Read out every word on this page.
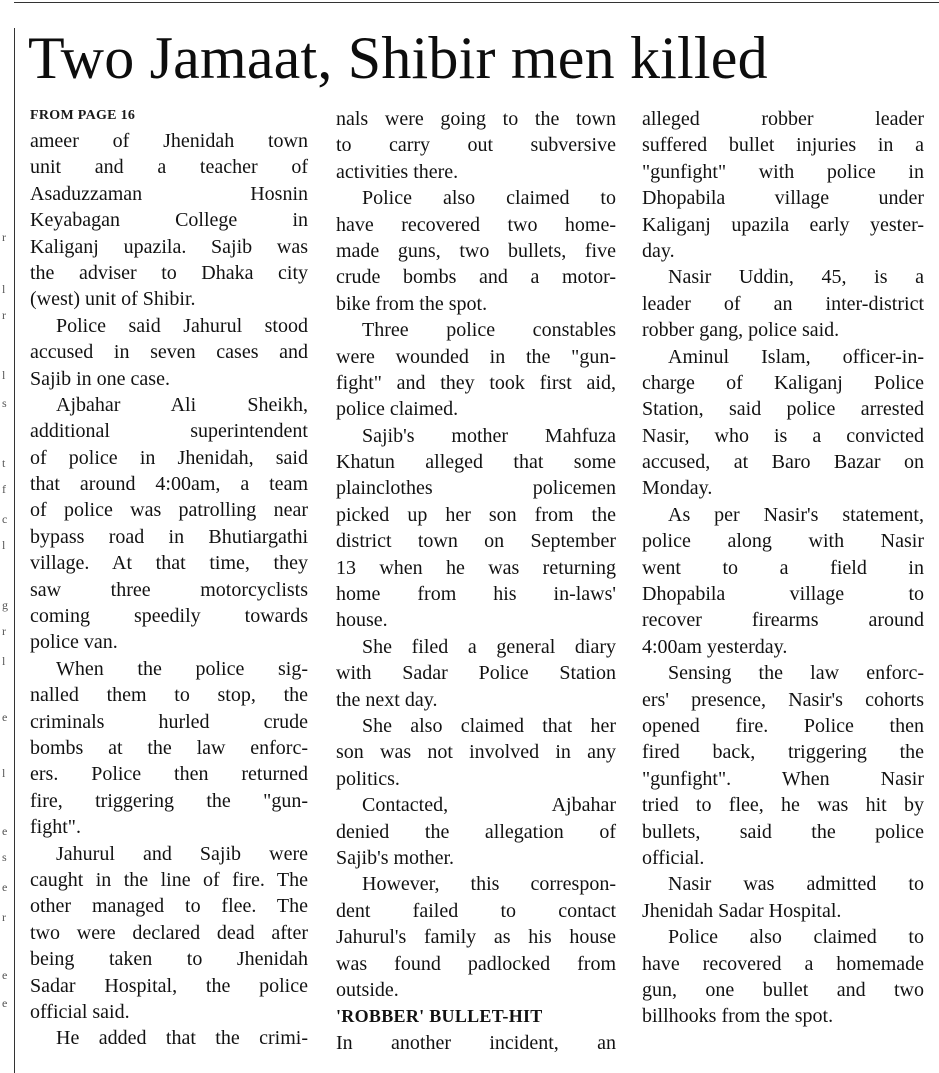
r
l
r
l
s
t
f
c
l
g
r
l
e
l
e
s
e
r
e
e
Two Jamaat, Shibir men killed
FROM PAGE 16
ameer of Jhenidah town
unit and a teacher of
Asaduzzaman Hosnin
Keyabagan College in
Kaliganj upazila. Sajib was
the adviser to Dhaka city
(west) unit of Shibir.
Police said Jahurul stood
accused in seven cases and
Sajib in one case.
Ajbahar Ali Sheikh,
additional superintendent
of police in Jhenidah, said
that around 4:00am, a team
of police was patrolling near
bypass road in Bhutiargathi
village. At that time, they
saw three motorcyclists
coming speedily towards
police van.
When the police sig-
nalled them to stop, the
criminals hurled crude
bombs at the law enforc-
ers. Police then returned
fire, triggering the "gun-
fight".
Jahurul and Sajib were
caught in the line of fire. The
other managed to flee. The
two were declared dead after
being taken to Jhenidah
Sadar Hospital, the police
official said.
He added that the crimi-
nals were going to the town
to carry out subversive
activities there.
Police also claimed to
have recovered two home-
made guns, two bullets, five
crude bombs and a motor-
bike from the spot.
Three police constables
were wounded in the "gun-
fight" and they took first aid,
police claimed.
Sajib's mother Mahfuza
Khatun alleged that some
plainclothes policemen
picked up her son from the
district town on September
13 when he was returning
home from his in-laws'
house.
She filed a general diary
with Sadar Police Station
the next day.
She also claimed that her
son was not involved in any
politics.
Contacted, Ajbahar
denied the allegation of
Sajib's mother.
However, this correspon-
dent failed to contact
Jahurul's family as his house
was found padlocked from
outside.
'ROBBER' BULLET-HIT
In another incident, an
alleged robber leader
suffered bullet injuries in a
"gunfight" with police in
Dhopabila village under
Kaliganj upazila early yester-
day.
Nasir Uddin, 45, is a
leader of an inter-district
robber gang, police said.
Aminul Islam, officer-in-
charge of Kaliganj Police
Station, said police arrested
Nasir, who is a convicted
accused, at Baro Bazar on
Monday.
As per Nasir's statement,
police along with Nasir
went to a field in
Dhopabila village to
recover firearms around
4:00am yesterday.
Sensing the law enforc-
ers' presence, Nasir's cohorts
opened fire. Police then
fired back, triggering the
"gunfight". When Nasir
tried to flee, he was hit by
bullets, said the police
official.
Nasir was admitted to
Jhenidah Sadar Hospital.
Police also claimed to
have recovered a homemade
gun, one bullet and two
billhooks from the spot.
